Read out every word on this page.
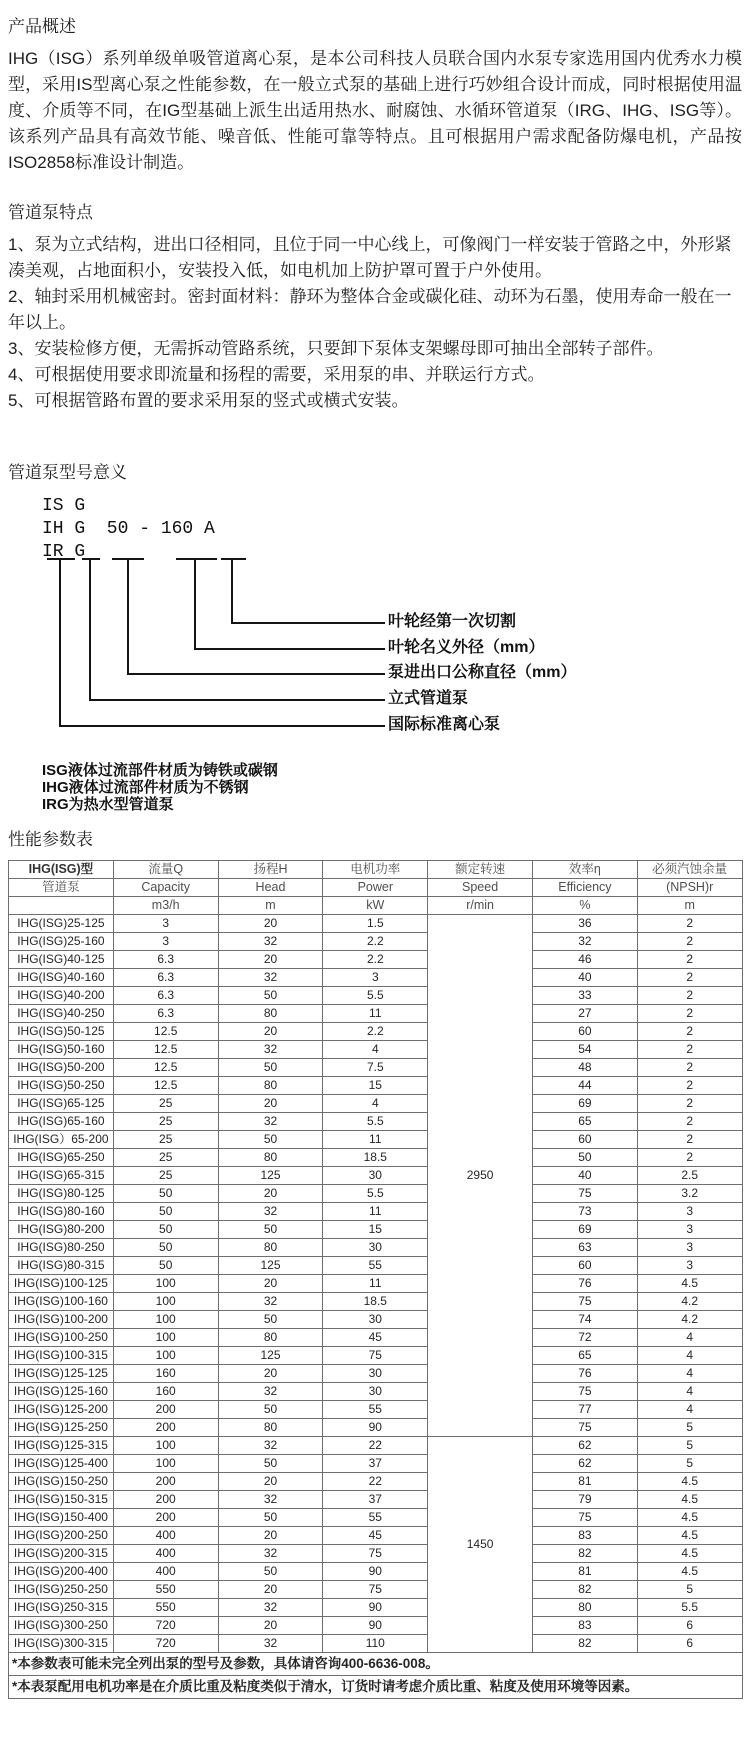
产品概述

IHG（ISG）系列单级单吸管道离心泵，是本公司科技人员联合国内水泵专家选用国内优秀水力模型，采用IS型离心泵之性能参数，在一般立式泵的基础上进行巧妙组合设计而成，同时根据使用温度、介质等不同，在IG型基础上派生出适用热水、耐腐蚀、水循环管道泵（IRG、IHG、ISG等）。该系列产品具有高效节能、噪音低、性能可靠等特点。且可根据用户需求配备防爆电机，产品按ISO2858标准设计制造。

管道泵特点

1、泵为立式结构，进出口径相同，且位于同一中心线上，可像阀门一样安装于管路之中，外形紧凑美观，占地面积小，安装投入低，如电机加上防护罩可置于户外使用。

2、轴封采用机械密封。密封面材料：静环为整体合金或碳化硅、动环为石墨，使用寿命一般在一年以上。

3、安装检修方便，无需拆动管路系统，只要卸下泵体支架螺母即可抽出全部转子部件。

4、可根据使用要求即流量和扬程的需要，采用泵的串、并联运行方式。

5、可根据管路布置的要求采用泵的竖式或横式安装。

管道泵型号意义
IS G
IH G  50 - 160 A
IR G
叶轮经第一次切割
叶轮名义外径（mm）
泵进出口公称直径（mm）
立式管道泵
国际标准离心泵
ISG液体过流部件材质为铸铁或碳钢
IHG液体过流部件材质为不锈钢
IRG为热水型管道泵
性能参数表
IHG(ISG)型	流量Q	扬程H	电机功率	额定转速	效率η	必须汽蚀余量
管道泵	Capacity	Head	Power	Speed	Efficiency	(NPSH)r
	m3/h	m	kW	r/min	%	m
IHG(ISG)25-125	3	20	1.5	2950	36	2
IHG(ISG)25-160	3	32	2.2		32	2
IHG(ISG)40-125	6.3	20	2.2		46	2
IHG(ISG)40-160	6.3	32	3		40	2
IHG(ISG)40-200	6.3	50	5.5		33	2
IHG(ISG)40-250	6.3	80	11		27	2
IHG(ISG)50-125	12.5	20	2.2		60	2
IHG(ISG)50-160	12.5	32	4		54	2
IHG(ISG)50-200	12.5	50	7.5		48	2
IHG(ISG)50-250	12.5	80	15		44	2
IHG(ISG)65-125	25	20	4		69	2
IHG(ISG)65-160	25	32	5.5		65	2
IHG(ISG）65-200	25	50	11		60	2
IHG(ISG)65-250	25	80	18.5		50	2
IHG(ISG)65-315	25	125	30		40	2.5
IHG(ISG)80-125	50	20	5.5		75	3.2
IHG(ISG)80-160	50	32	11		73	3
IHG(ISG)80-200	50	50	15		69	3
IHG(ISG)80-250	50	80	30		63	3
IHG(ISG)80-315	50	125	55		60	3
IHG(ISG)100-125	100	20	11		76	4.5
IHG(ISG)100-160	100	32	18.5		75	4.2
IHG(ISG)100-200	100	50	30		74	4.2
IHG(ISG)100-250	100	80	45		72	4
IHG(ISG)100-315	100	125	75		65	4
IHG(ISG)125-125	160	20	30		76	4
IHG(ISG)125-160	160	32	30		75	4
IHG(ISG)125-200	200	50	55		77	4
IHG(ISG)125-250	200	80	90		75	5
IHG(ISG)125-315	100	32	22	1450	62	5
IHG(ISG)125-400	100	50	37		62	5
IHG(ISG)150-250	200	20	22		81	4.5
IHG(ISG)150-315	200	32	37		79	4.5
IHG(ISG)150-400	200	50	55		75	4.5
IHG(ISG)200-250	400	20	45		83	4.5
IHG(ISG)200-315	400	32	75		82	4.5
IHG(ISG)200-400	400	50	90		81	4.5
IHG(ISG)250-250	550	20	75		82	5
IHG(ISG)250-315	550	32	90		80	5.5
IHG(ISG)300-250	720	20	90		83	6
IHG(ISG)300-315	720	32	110		82	6
*本参数表可能未完全列出泵的型号及参数，具体请咨询400-6636-008。						
*本表泵配用电机功率是在介质比重及粘度类似于清水，订货时请考虑介质比重、粘度及使用环境等因素。						
